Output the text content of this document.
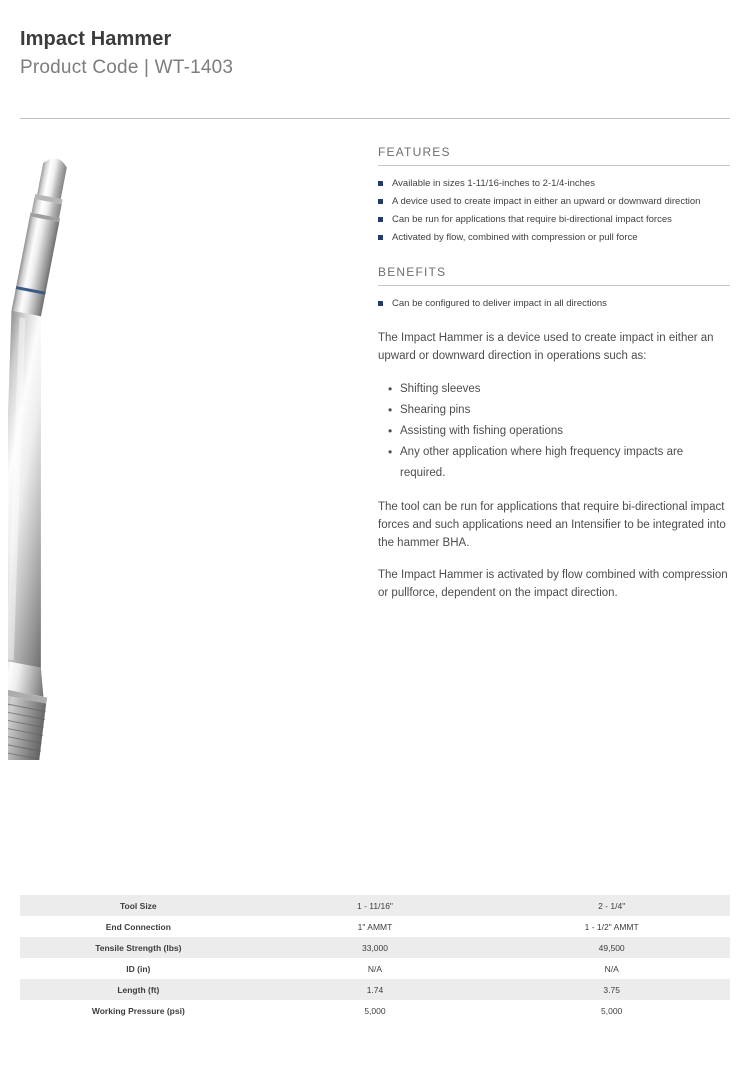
Impact Hammer
Product Code | WT-1403
FEATURES
Available in sizes 1-11/16-inches to 2-1/4-inches
A device used to create impact in either an upward or downward direction
Can be run for applications that require bi-directional impact forces
Activated by flow, combined with compression or pull force
BENEFITS
Can be configured to deliver impact in all directions

The Impact Hammer is a device used to create impact in either an upward or downward direction in operations such as:

• Shifting sleeves
• Shearing pins
• Assisting with fishing operations
• Any other application where high frequency impacts are required.

The tool can be run for applications that require bi-directional impact forces and such applications need an Intensifier to be integrated into the hammer BHA.

The Impact Hammer is activated by flow combined with compression or pullforce, dependent on the impact direction.

Tool Size	1 - 11/16"	2 - 1/4"
End Connection	1" AMMT	1 - 1/2" AMMT
Tensile Strength (lbs)	33,000	49,500
ID (in)	N/A	N/A
Length (ft)	1.74	3.75
Working Pressure (psi)	5,000	5,000
